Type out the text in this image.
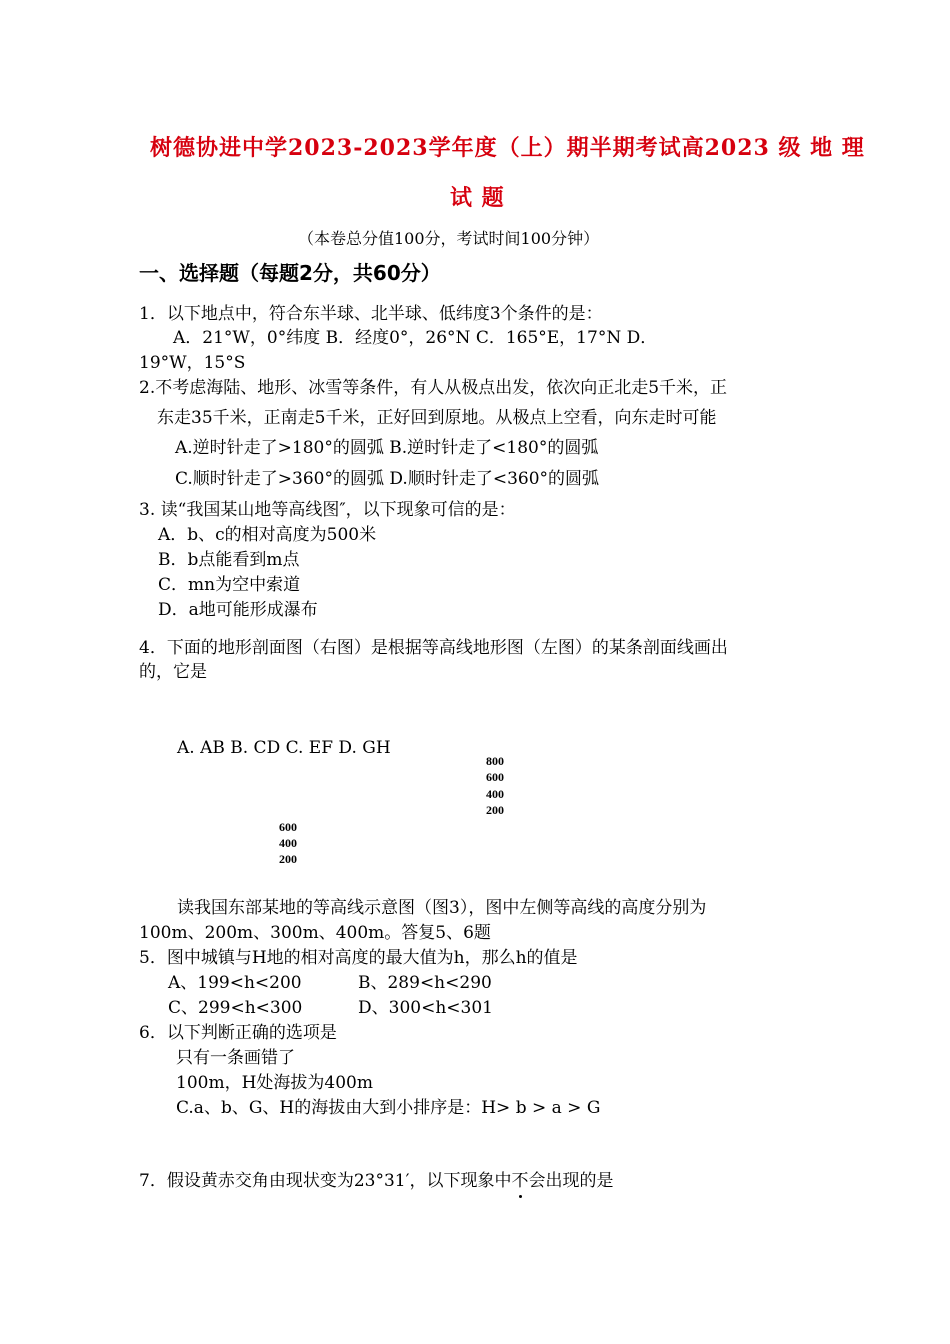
树德协进中学2023-2023学年度（上）期半期考试高2023 级 地 理
试 题
（本卷总分值100分，考试时间100分钟）
一、选择题（每题2分，共60分）
1．以下地点中，符合东半球、北半球、低纬度3个条件的是：
A．21°W，0°纬度 B．经度0°，26°N C．165°E，17°N D．
19°W，15°S
2.不考虑海陆、地形、冰雪等条件，有人从极点出发，依次向正北走5千米，正
东走35千米，正南走5千米，正好回到原地。从极点上空看，向东走时可能
A.逆时针走了>180°的圆弧 B.逆时针走了<180°的圆弧
C.顺时针走了>360°的圆弧 D.顺时针走了<360°的圆弧
3. 读“我国某山地等高线图″，以下现象可信的是：
A．b、c的相对高度为500米
B．b点能看到m点
C．mn为空中索道
D．a地可能形成瀑布
4．下面的地形剖面图（右图）是根据等高线地形图（左图）的某条剖面线画出
的，它是
A. AB B. CD C. EF D. GH
800
600
400
200
600
400
200
读我国东部某地的等高线示意图（图3），图中左侧等高线的高度分别为
100m、200m、300m、400m。答复5、6题
5．图中城镇与H地的相对高度的最大值为h，那么h的值是
A、199<h<200	B、289<h<290
C、299<h<300	D、300<h<301
6．以下判断正确的选项是
只有一条画错了
100m，H处海拔为400m
C.a、b、G、H的海拔由大到小排序是：H> b > a > G
7．假设黄赤交角由现状变为23°31′，以下现象中不会出现的是
